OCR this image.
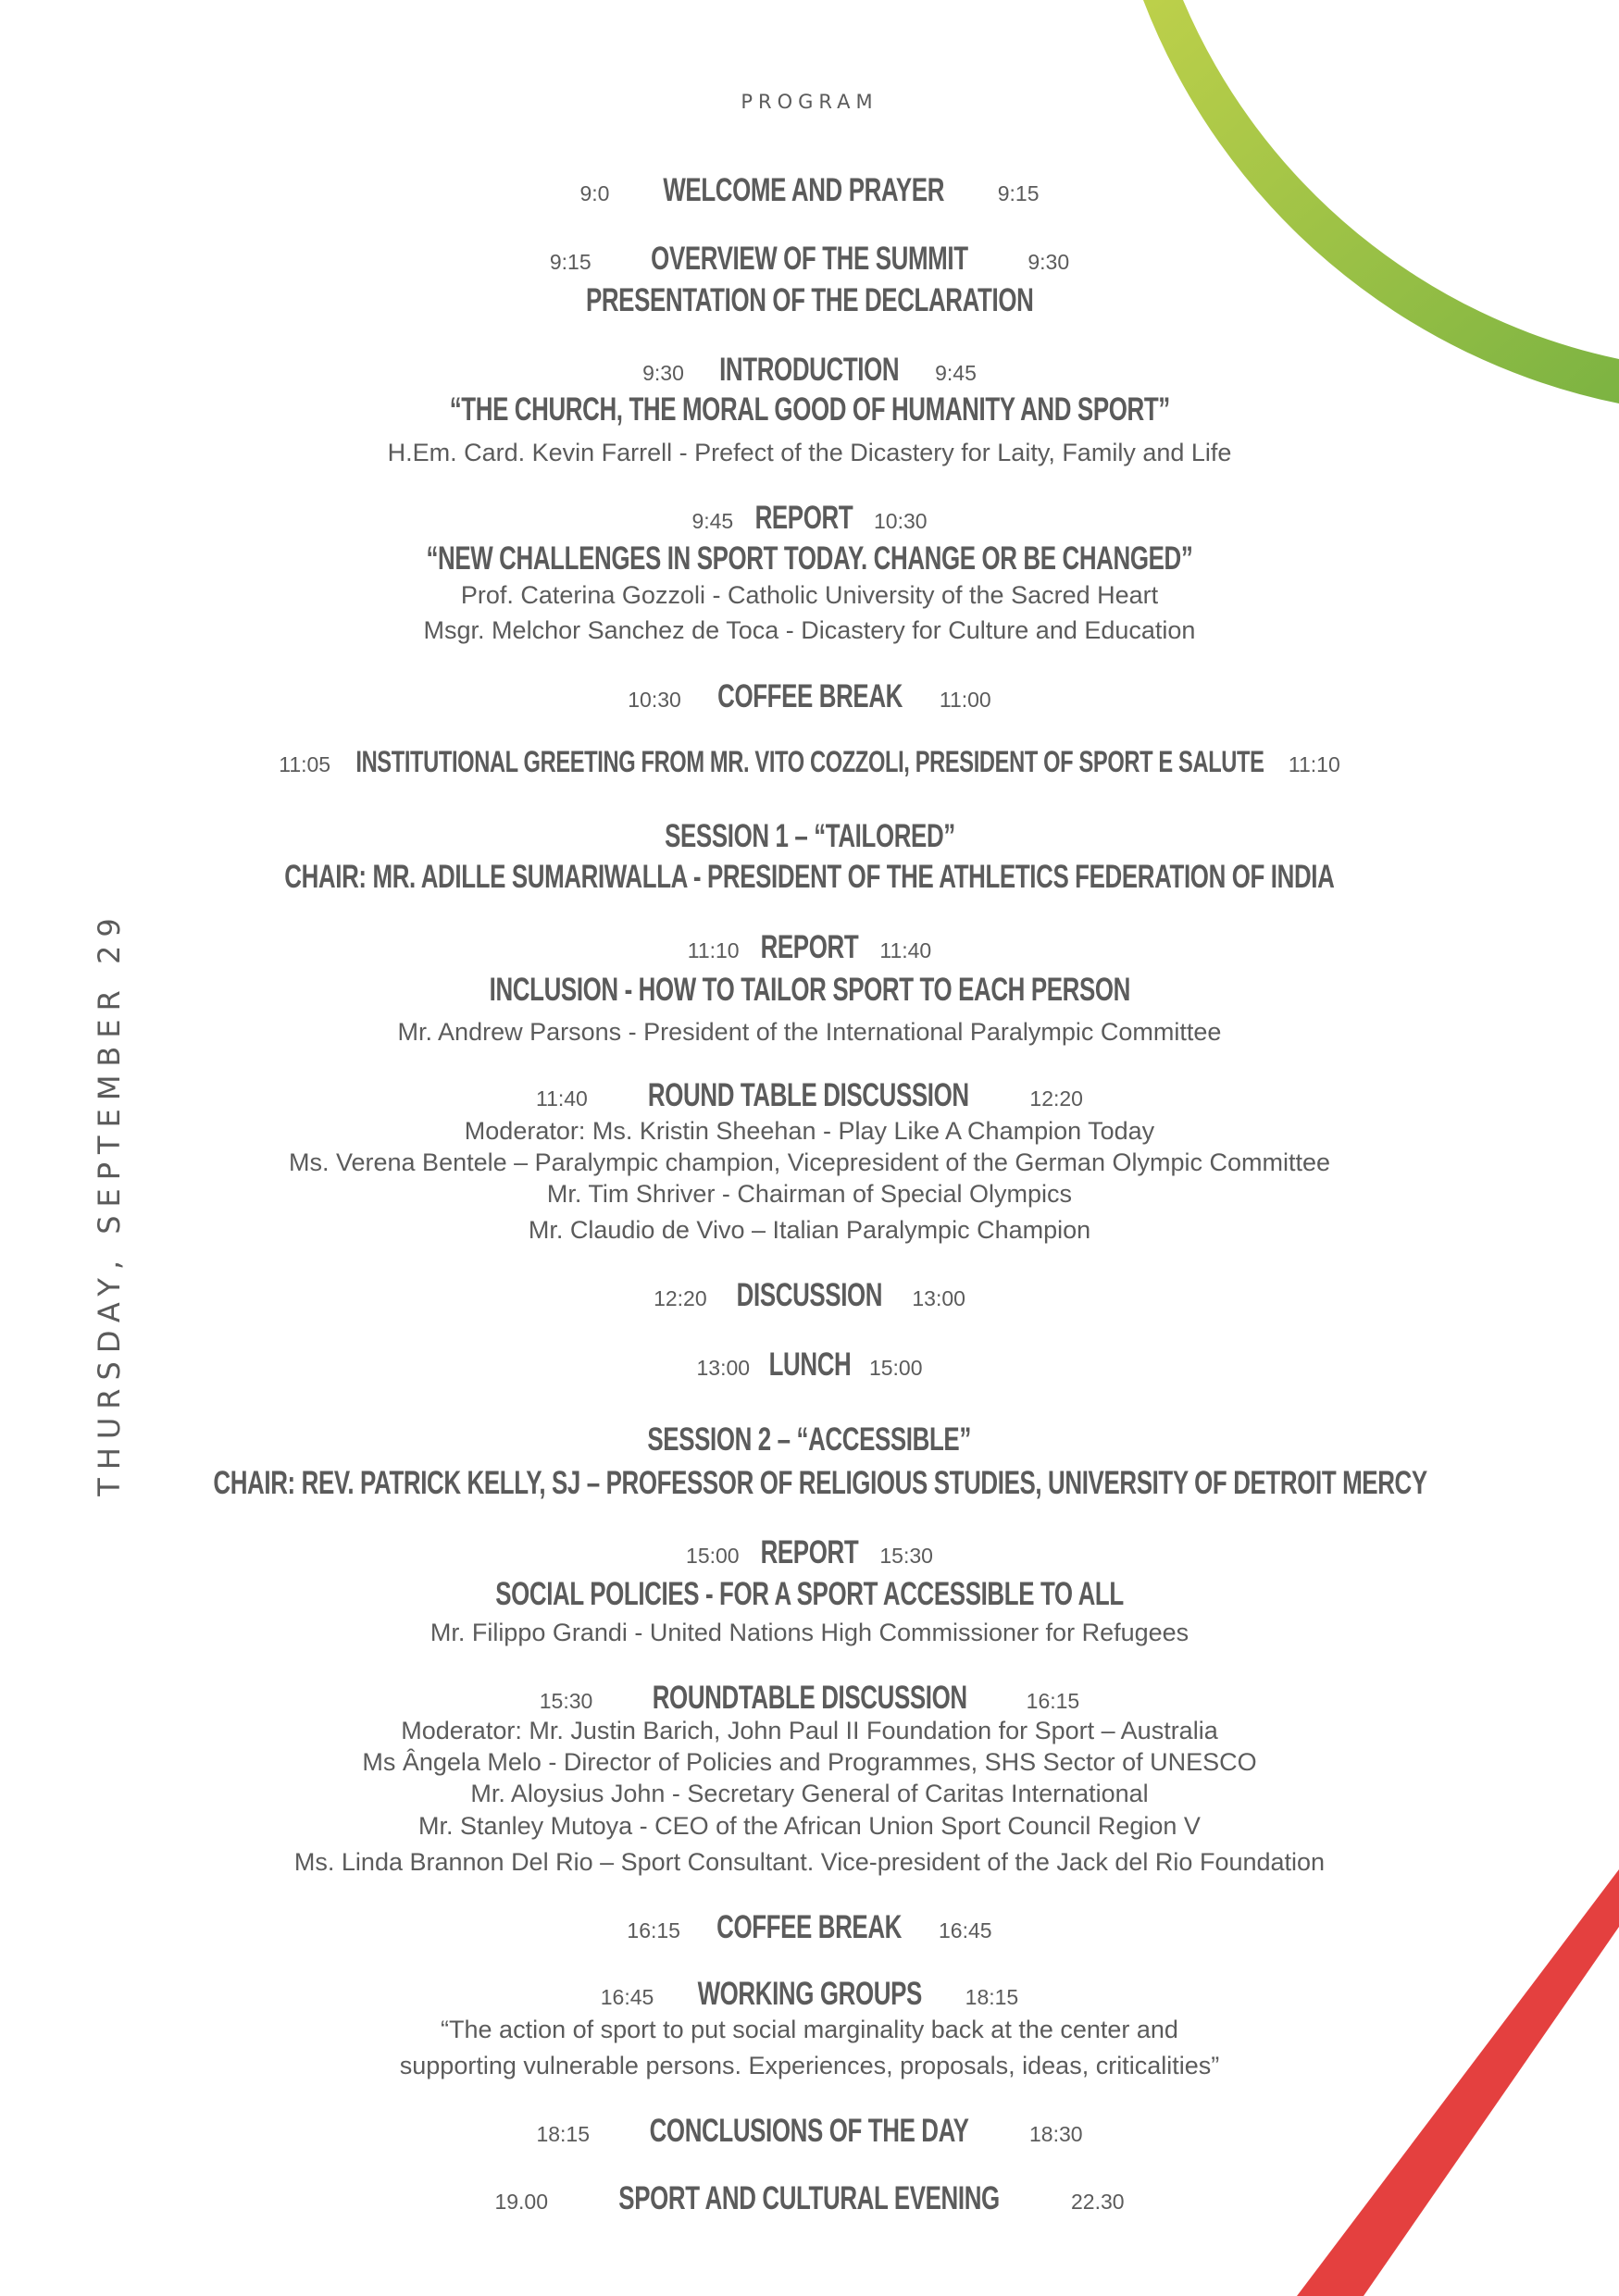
PROGRAM
THURSDAY, SEPTEMBER 29
9:0 WELCOME AND PRAYER	9:15
9:15 OVERVIEW OF THE SUMMIT	9:30
PRESENTATION OF THE DECLARATION
9:30 INTRODUCTION 9:45
“THE CHURCH, THE MORAL GOOD OF HUMANITY AND SPORT”
H.Em. Card. Kevin Farrell - Prefect of the Dicastery for Laity, Family and Life
9:45 REPORT 10:30
“NEW CHALLENGES IN SPORT TODAY. CHANGE OR BE CHANGED”
Prof. Caterina Gozzoli - Catholic University of the Sacred Heart
Msgr. Melchor Sanchez de Toca - Dicastery for Culture and Education
10:30 COFFEE BREAK 11:00
11:05 INSTITUTIONAL GREETING FROM MR. VITO COZZOLI, PRESIDENT OF SPORT E SALUTE 11:10
SESSION 1 – “TAILORED”
CHAIR: MR. ADILLE SUMARIWALLA - PRESIDENT OF THE ATHLETICS FEDERATION OF INDIA
11:10 REPORT 11:40
INCLUSION - HOW TO TAILOR SPORT TO EACH PERSON
Mr. Andrew Parsons - President of the International Paralympic Committee
11:40 ROUND TABLE DISCUSSION	12:20
Moderator: Ms. Kristin Sheehan - Play Like A Champion Today
Ms. Verena Bentele – Paralympic champion, Vicepresident of the German Olympic Committee
Mr. Tim Shriver - Chairman of Special Olympics
Mr. Claudio de Vivo – Italian Paralympic Champion
12:20 DISCUSSION 13:00
13:00 LUNCH 15:00
SESSION 2 – “ACCESSIBLE”
CHAIR: REV. PATRICK KELLY, SJ – PROFESSOR OF RELIGIOUS STUDIES, UNIVERSITY OF DETROIT MERCY
15:00 REPORT 15:30
SOCIAL POLICIES - FOR A SPORT ACCESSIBLE TO ALL
Mr. Filippo Grandi - United Nations High Commissioner for Refugees
15:30 ROUNDTABLE DISCUSSION	16:15
Moderator: Mr. Justin Barich, John Paul II Foundation for Sport – Australia
Ms Ângela Melo - Director of Policies and Programmes, SHS Sector of UNESCO
Mr. Aloysius John - Secretary General of Caritas International
Mr. Stanley Mutoya - CEO of the African Union Sport Council Region V
Ms. Linda Brannon Del Rio – Sport Consultant. Vice-president of the Jack del Rio Foundation
16:15 COFFEE BREAK 16:45
16:45 WORKING GROUPS 18:15
“The action of sport to put social marginality back at the center and
supporting vulnerable persons. Experiences, proposals, ideas, criticalities”
18:15 CONCLUSIONS OF THE DAY	18:30
19.00 SPORT AND CULTURAL EVENING	22.30
